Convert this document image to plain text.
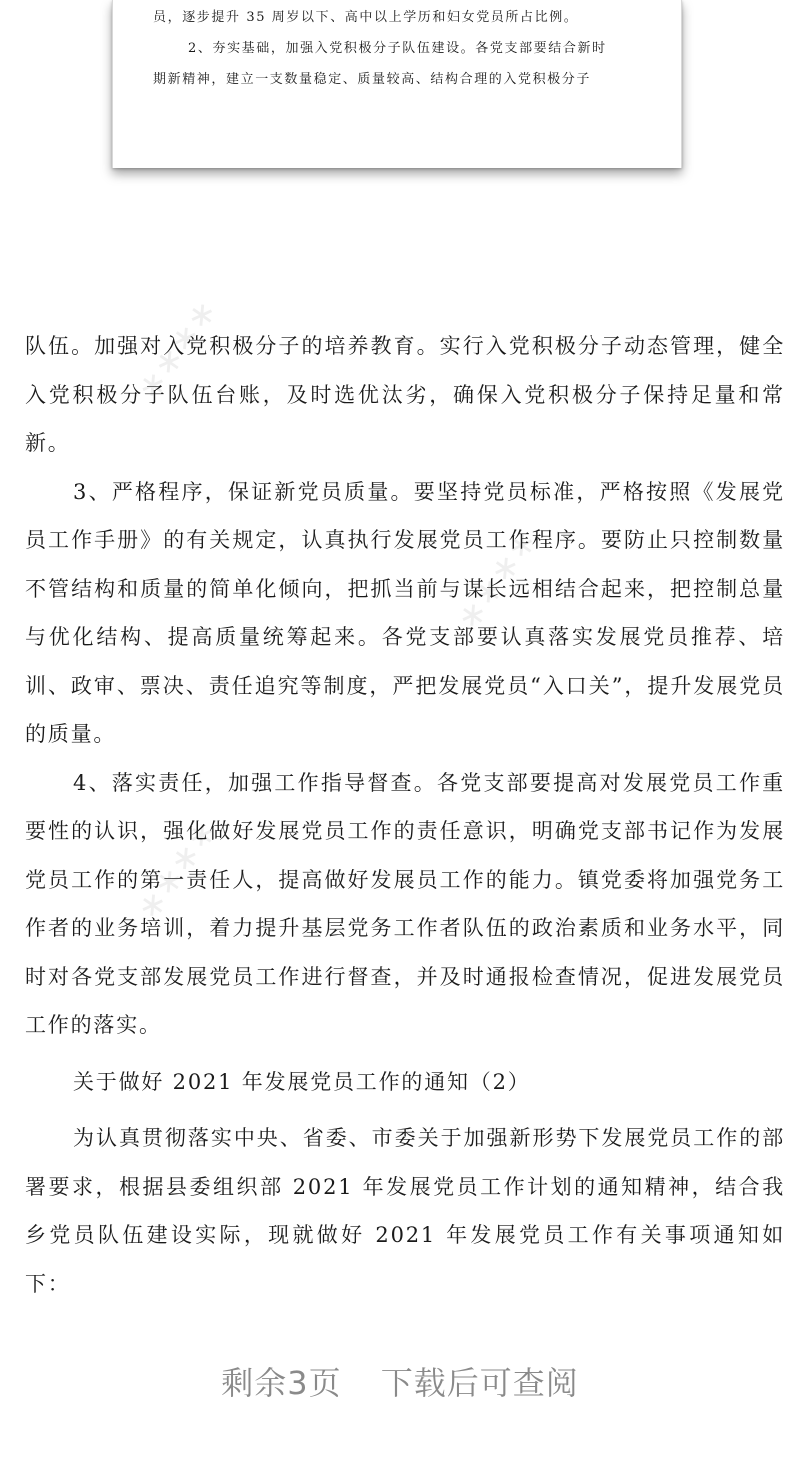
员，逐步提升 35 周岁以下、高中以上学历和妇女党员所占比例。
2、夯实基础，加强入党积极分子队伍建设。各党支部要结合新时
期新精神，建立一支数量稳定、质量较高、结构合理的入党积极分子
∗∗∗∗
∗∗∗∗
∗∗∗∗

队伍。加强对入党积极分子的培养教育。实行入党积极分子动态管理，健全入党积极分子队伍台账，及时选优汰劣，确保入党积极分子保持足量和常新。

3、严格程序，保证新党员质量。要坚持党员标准，严格按照《发展党员工作手册》的有关规定，认真执行发展党员工作程序。要防止只控制数量不管结构和质量的简单化倾向，把抓当前与谋长远相结合起来，把控制总量与优化结构、提高质量统筹起来。各党支部要认真落实发展党员推荐、培训、政审、票决、责任追究等制度，严把发展党员“入口关”，提升发展党员的质量。

4、落实责任，加强工作指导督查。各党支部要提高对发展党员工作重要性的认识，强化做好发展党员工作的责任意识，明确党支部书记作为发展党员工作的第一责任人，提高做好发展员工作的能力。镇党委将加强党务工作者的业务培训，着力提升基层党务工作者队伍的政治素质和业务水平，同时对各党支部发展党员工作进行督查，并及时通报检查情况，促进发展党员工作的落实。

关于做好 2021 年发展党员工作的通知（2）

为认真贯彻落实中央、省委、市委关于加强新形势下发展党员工作的部署要求，根据县委组织部 2021 年发展党员工作计划的通知精神，结合我乡党员队伍建设实际，现就做好 2021 年发展党员工作有关事项通知如下：

剩余3页 下载后可查阅
